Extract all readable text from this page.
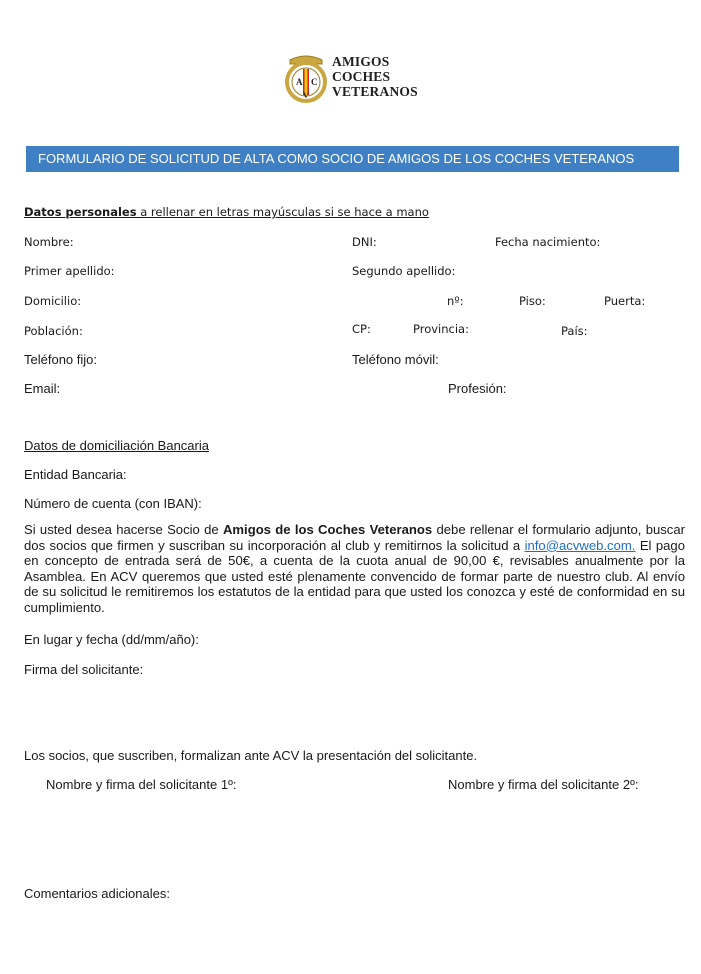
A C
V
AMIGOS
COCHES
VETERANOS
FORMULARIO DE SOLICITUD DE ALTA COMO SOCIO DE AMIGOS DE LOS COCHES VETERANOS
Datos personales a rellenar en letras mayúsculas si se hace a mano
Nombre:	DNI:	Fecha nacimiento:
Primer apellido:	Segundo apellido:
Domicilio:	nº:	Piso:	Puerta:
Población:	CP:	Provincia:	País:
Teléfono fijo:	Teléfono móvil:
Email:	Profesión:
Datos de domiciliación Bancaria
Entidad Bancaria:
Número de cuenta (con IBAN):
Si usted desea hacerse Socio de Amigos de los Coches Veteranos debe rellenar el formulario adjunto, buscar dos socios que firmen y suscriban su incorporación al club y remitirnos la solicitud a info@acvweb.com. El pago en concepto de entrada será de 50€, a cuenta de la cuota anual de 90,00 €, revisables anualmente por la Asamblea. En ACV queremos que usted esté plenamente convencido de formar parte de nuestro club. Al envío de su solicitud le remitiremos los estatutos de la entidad para que usted los conozca y esté de conformidad en su cumplimiento.
En lugar y fecha (dd/mm/año):
Firma del solicitante:
Los socios, que suscriben, formalizan ante ACV la presentación del solicitante.
Nombre y firma del solicitante 1º:	Nombre y firma del solicitante 2º:
Comentarios adicionales:
